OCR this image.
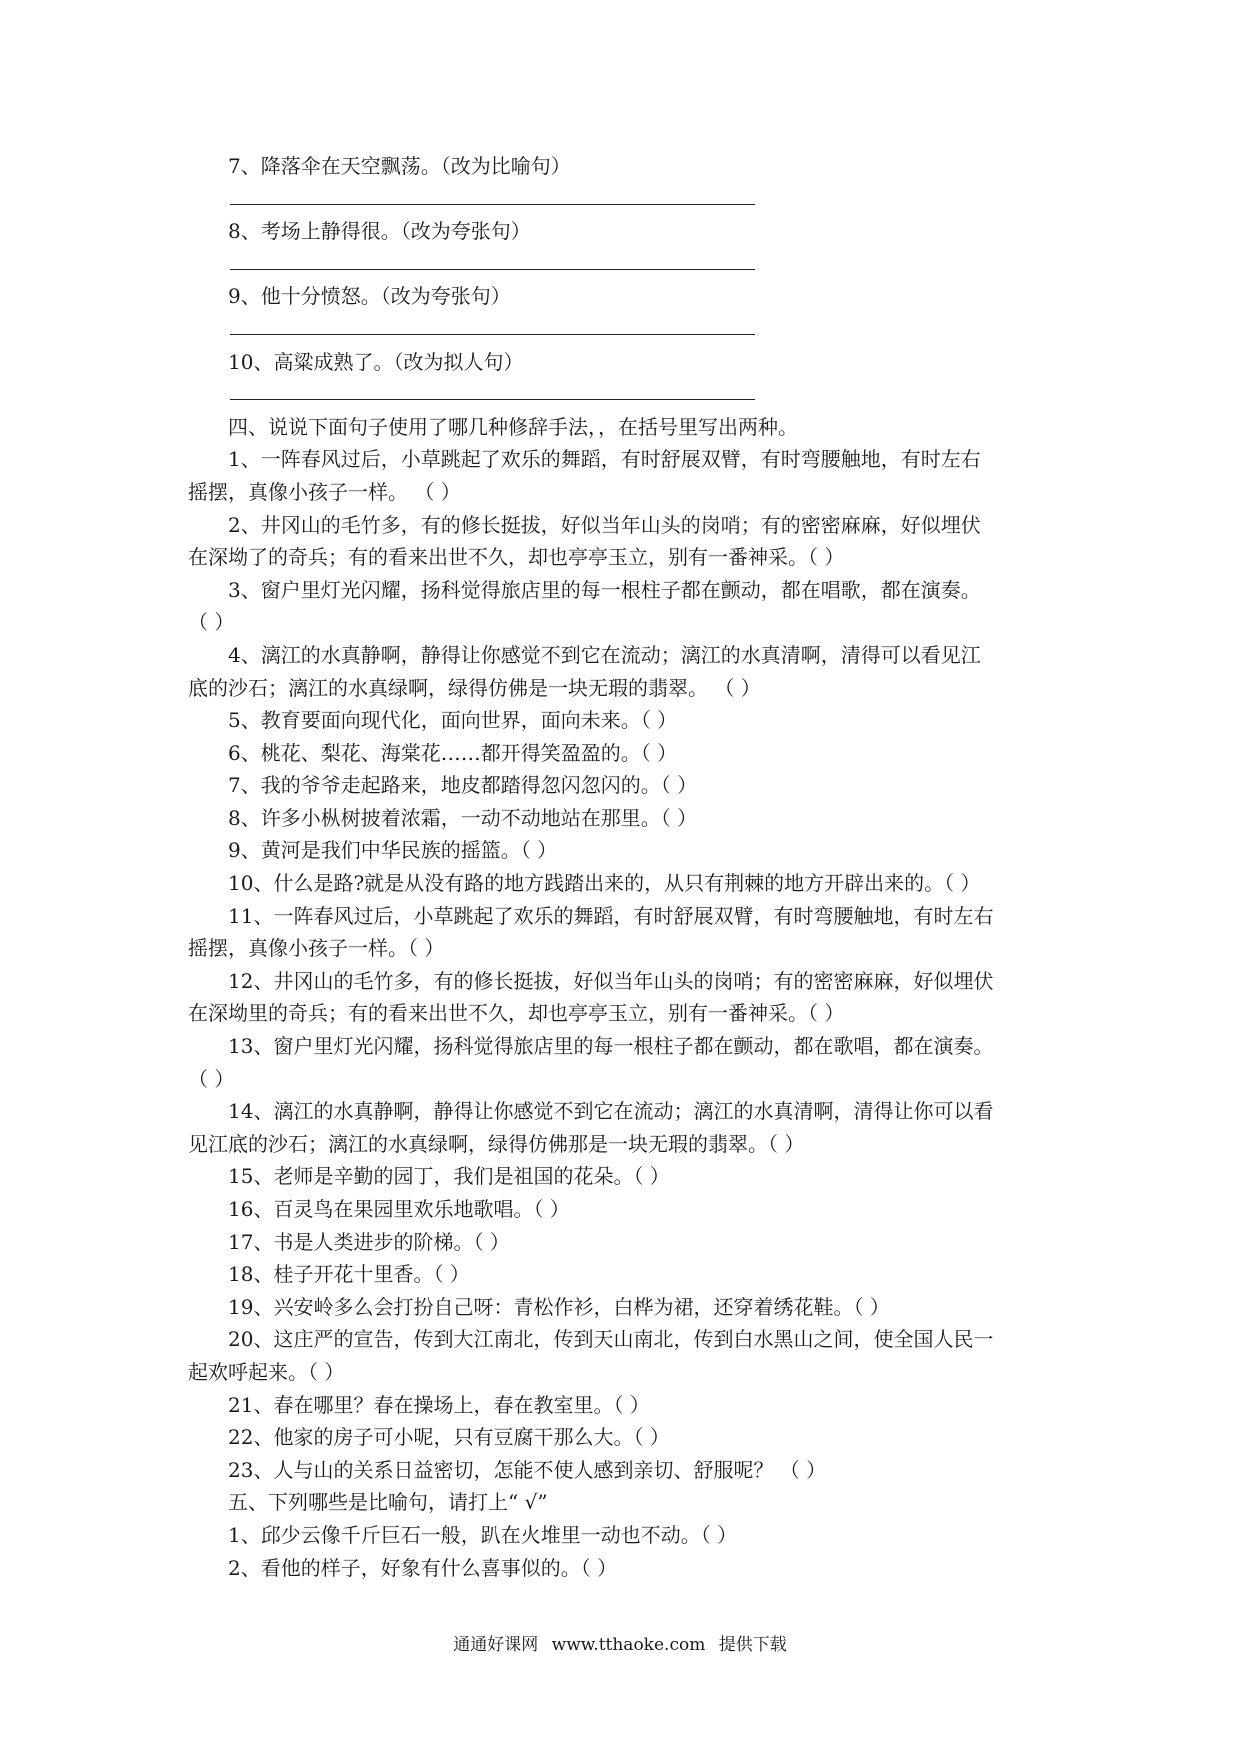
7、降落伞在天空飘荡。（改为比喻句）
8、考场上静得很。（改为夸张句）
9、他十分愤怒。（改为夸张句）
10、高粱成熟了。（改为拟人句）
四、说说下面句子使用了哪几种修辞手法，，在括号里写出两种。
1、一阵春风过后，小草跳起了欢乐的舞蹈，有时舒展双臂，有时弯腰触地，有时左右
摇摆，真像小孩子一样。 （ ）
2、井冈山的毛竹多，有的修长挺拔，好似当年山头的岗哨；有的密密麻麻，好似埋伏
在深坳了的奇兵；有的看来出世不久，却也亭亭玉立，别有一番神采。（ ）
3、窗户里灯光闪耀，扬科觉得旅店里的每一根柱子都在颤动，都在唱歌，都在演奏。
（ ）
4、漓江的水真静啊，静得让你感觉不到它在流动；漓江的水真清啊，清得可以看见江
底的沙石；漓江的水真绿啊，绿得仿佛是一块无瑕的翡翠。 （ ）
5、教育要面向现代化，面向世界，面向未来。（ ）
6、桃花、梨花、海棠花……都开得笑盈盈的。（ ）
7、我的爷爷走起路来，地皮都踏得忽闪忽闪的。（ ）
8、许多小枞树披着浓霜，一动不动地站在那里。（ ）
9、黄河是我们中华民族的摇篮。（ ）
10、什么是路?就是从没有路的地方践踏出来的，从只有荆棘的地方开辟出来的。（ ）
11、一阵春风过后，小草跳起了欢乐的舞蹈，有时舒展双臂，有时弯腰触地，有时左右
摇摆，真像小孩子一样。（ ）
12、井冈山的毛竹多，有的修长挺拔，好似当年山头的岗哨；有的密密麻麻，好似埋伏
在深坳里的奇兵；有的看来出世不久，却也亭亭玉立，别有一番神采。（ ）
13、窗户里灯光闪耀，扬科觉得旅店里的每一根柱子都在颤动，都在歌唱，都在演奏。
（ ）
14、漓江的水真静啊，静得让你感觉不到它在流动；漓江的水真清啊，清得让你可以看
见江底的沙石；漓江的水真绿啊，绿得仿佛那是一块无瑕的翡翠。（ ）
15、老师是辛勤的园丁，我们是祖国的花朵。（ ）
16、百灵鸟在果园里欢乐地歌唱。（ ）
17、书是人类进步的阶梯。（ ）
18、桂子开花十里香。（ ）
19、兴安岭多么会打扮自己呀：青松作衫，白桦为裙，还穿着绣花鞋。（ ）
20、这庄严的宣告，传到大江南北，传到天山南北，传到白水黑山之间，使全国人民一
起欢呼起来。（ ）
21、春在哪里？春在操场上，春在教室里。（ ）
22、他家的房子可小呢，只有豆腐干那么大。（ ）
23、人与山的关系日益密切，怎能不使人感到亲切、舒服呢？ （ ）
五、下列哪些是比喻句，请打上“ √”
1、邱少云像千斤巨石一般，趴在火堆里一动也不动。（ ）
2、看他的样子，好象有什么喜事似的。（ ）
通通好课网 www.tthaoke.com 提供下载
